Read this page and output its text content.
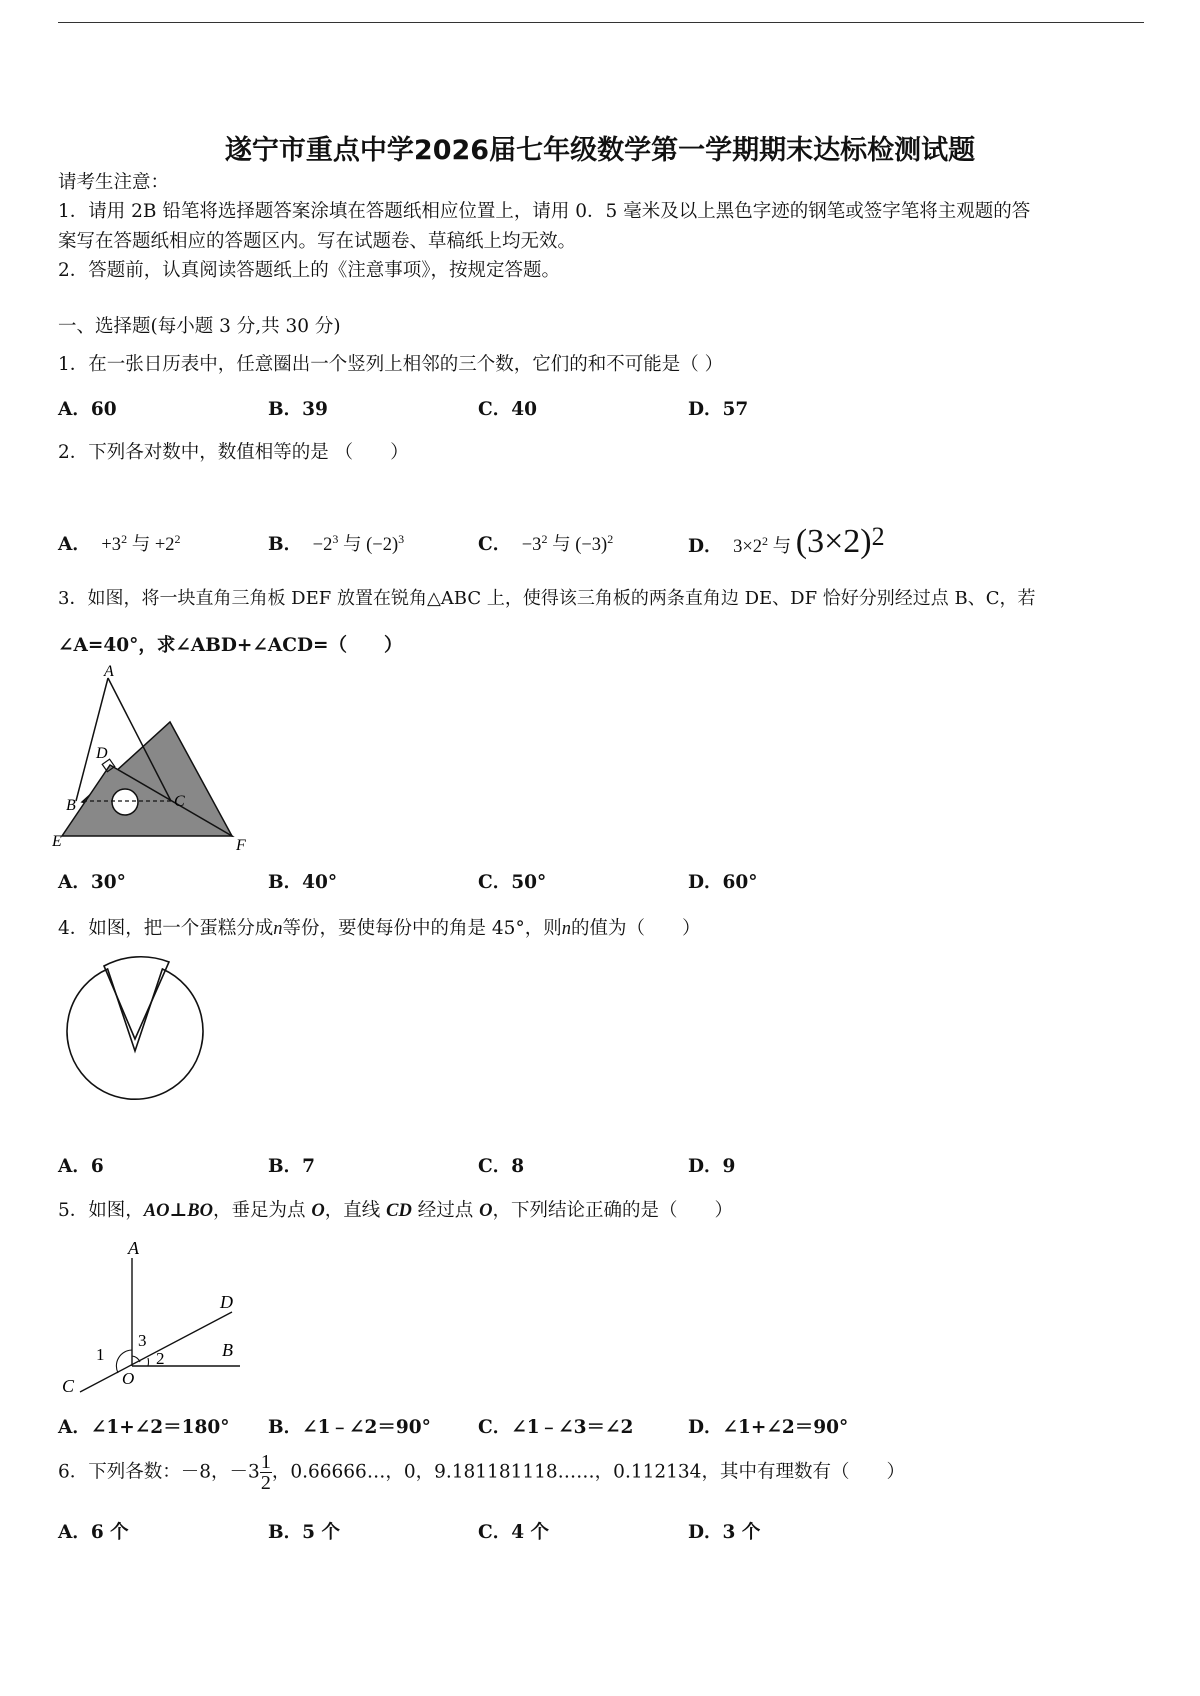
遂宁市重点中学2026届七年级数学第一学期期末达标检测试题
请考生注意：
1．请用 2B 铅笔将选择题答案涂填在答题纸相应位置上，请用 0．5 毫米及以上黑色字迹的钢笔或签字笔将主观题的答
案写在答题纸相应的答题区内。写在试题卷、草稿纸上均无效。
2．答题前，认真阅读答题纸上的《注意事项》，按规定答题。
一、选择题(每小题 3 分,共 30 分)
1．在一张日历表中，任意圈出一个竖列上相邻的三个数，它们的和不可能是（ ）
A．60	B．39	C．40	D．57
2．下列各对数中，数值相等的是 （　　）
A．  $+3^2$ 与 $+2^2$	B．  $-2^3$ 与 $(-2)^3$	C．  $-3^2$ 与 $(-3)^2$	D．  $3\times 2^2$ 与 $(3\times 2)^2$
3．如图，将一块直角三角板 DEF 放置在锐角△ABC 上，使得该三角板的两条直角边 DE、DF 恰好分别经过点 B、C，若
∠A=40°，求∠ABD+∠ACD=（　　）
A
D
B	C
E	F
A．30°	B．40°	C．50°	D．60°
4．如图，把一个蛋糕分成n等份，要使每份中的角是 45°，则n的值为（　　）
A．6	B．7	C．8	D．9
5．如图，AO⊥BO，垂足为点 O，直线 CD 经过点 O，下列结论正确的是（　　）
A
D
B
C	O
1	2
3
A．∠1+∠2＝180° B．∠1﹣∠2＝90°	C．∠1﹣∠3＝∠2	D．∠1+∠2＝90°
6．下列各数：－8，$-3 \frac{1}{2}$ ，0.66666…，0，9.181181118……，0.112134，其中有理数有（　　）
A．6 个	B．5 个	C．4 个	D．3 个
